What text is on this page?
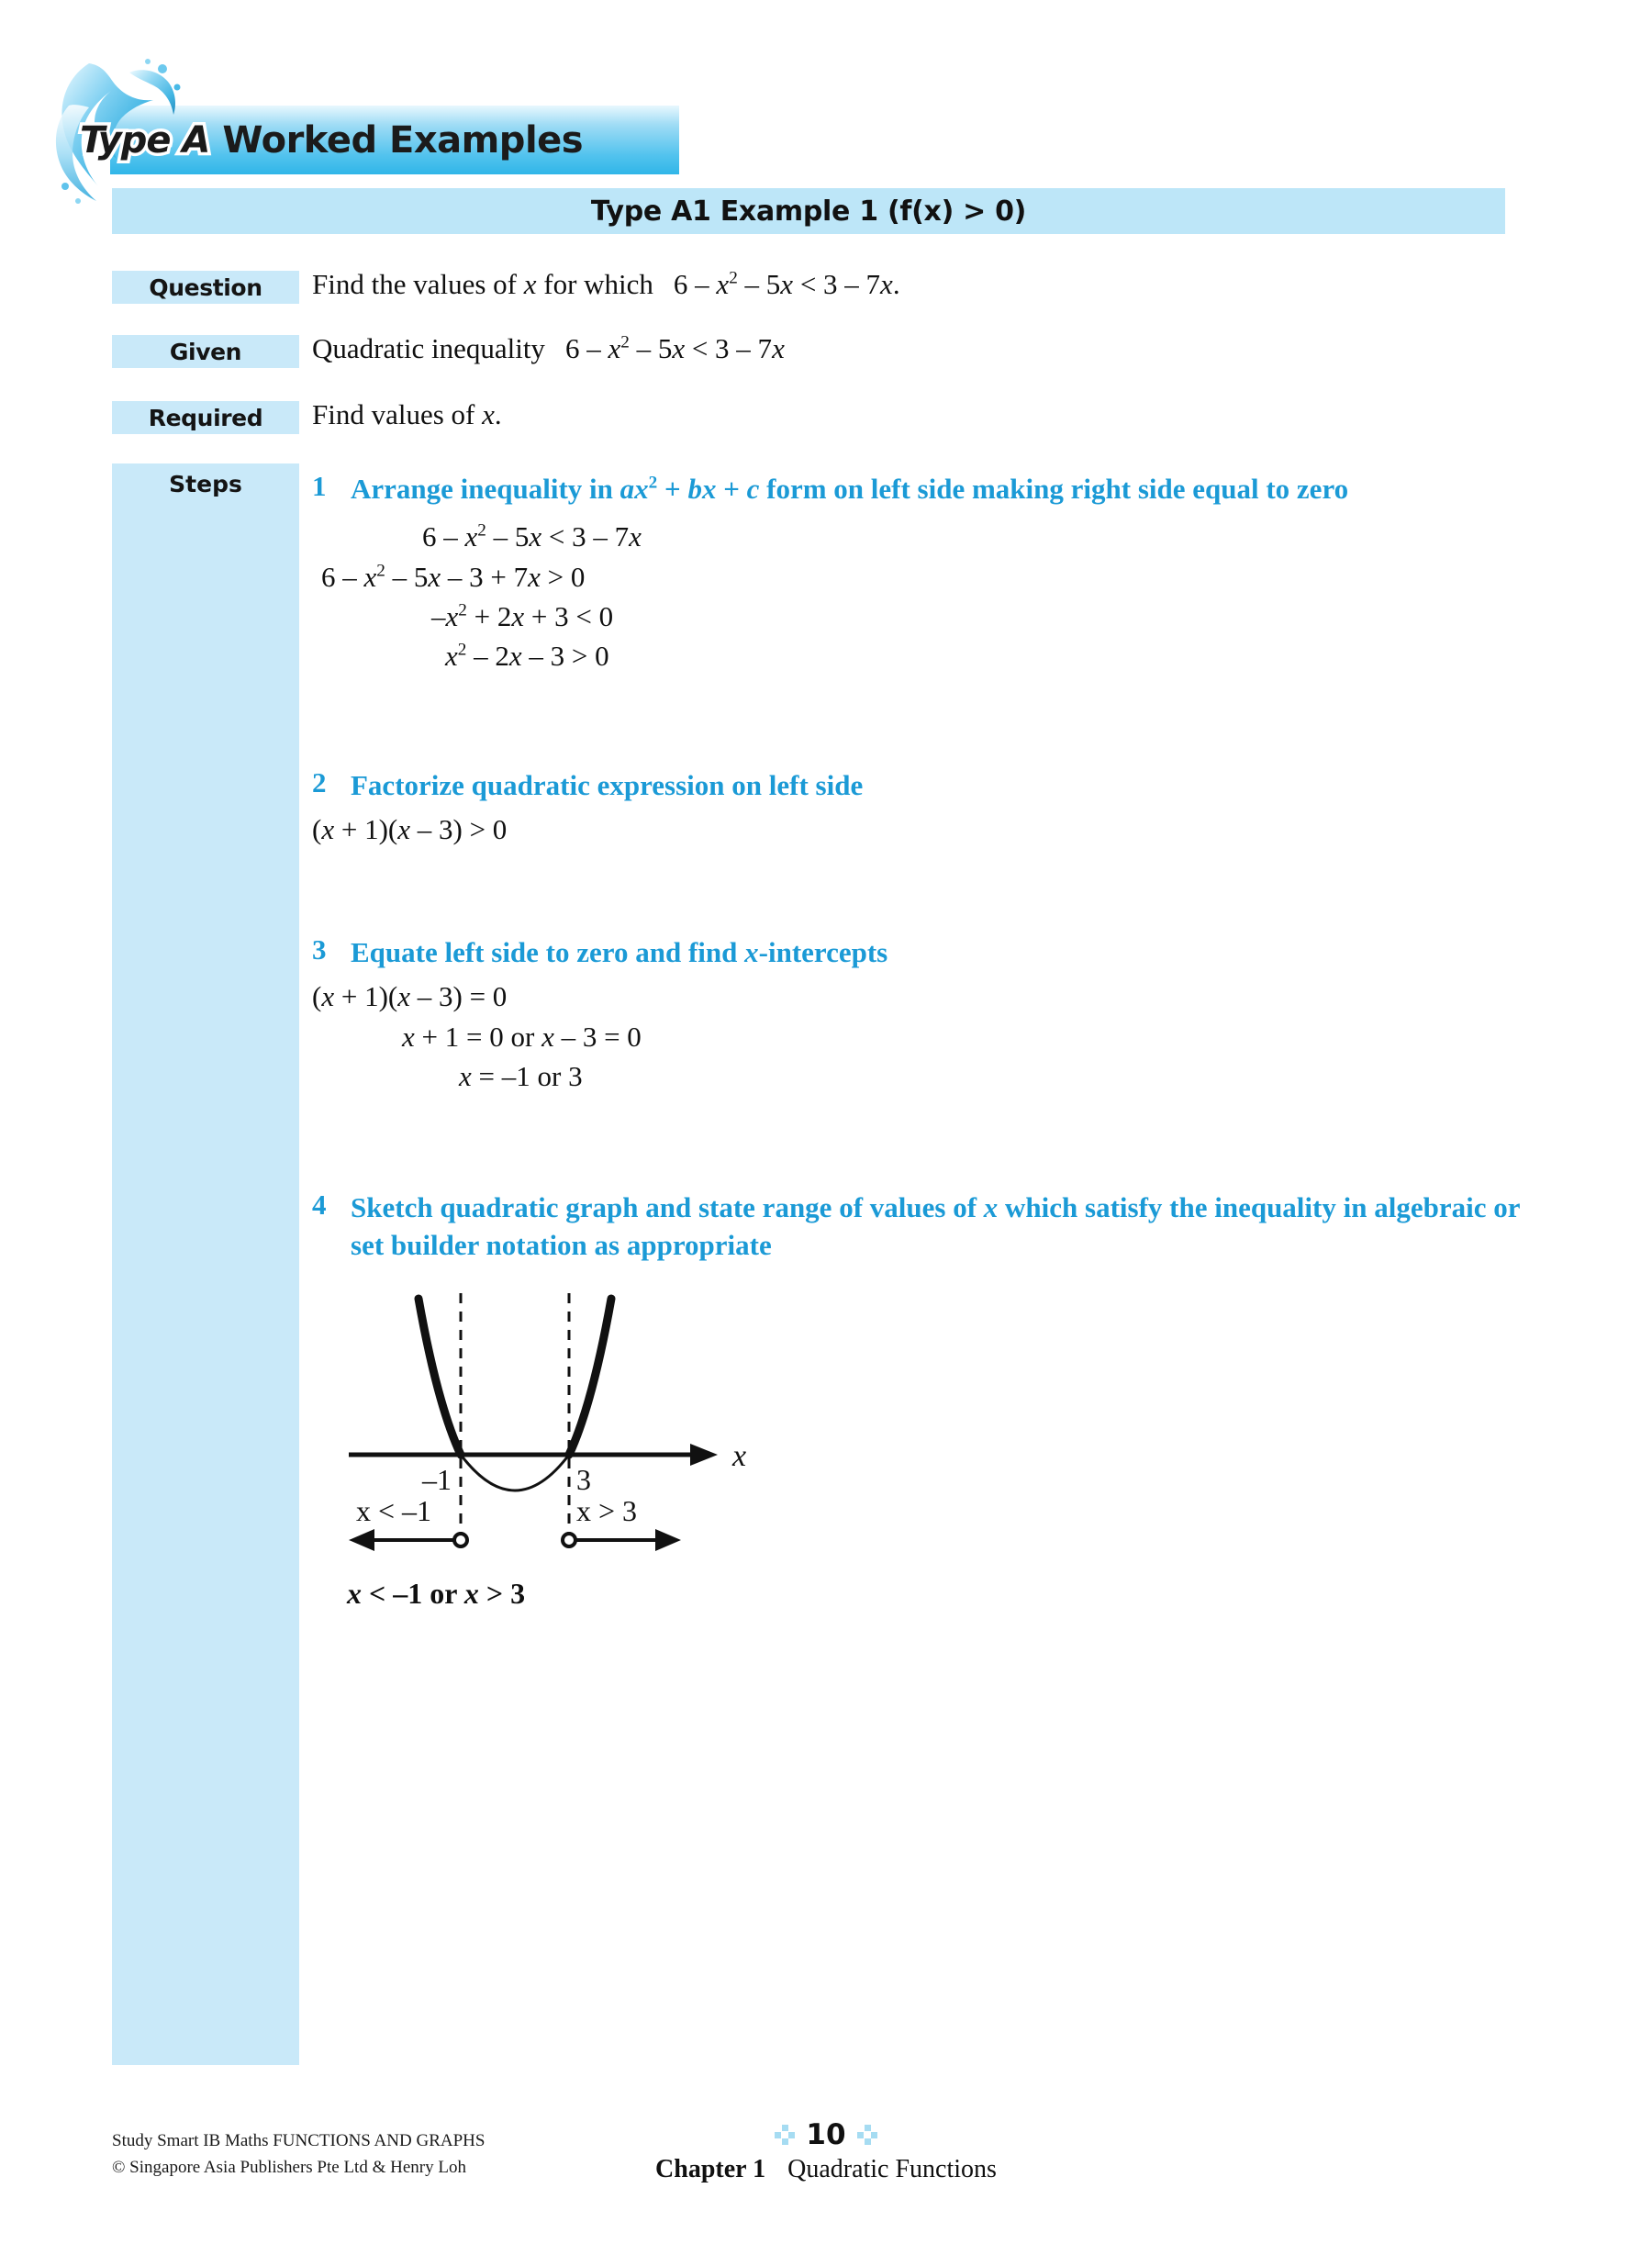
Type A Worked Examples
Type A1 Example 1 (f(x) > 0)
Question
Given
Required
Steps
Find the values of x for which $6 - x^2 - 5x < 3 - 7x$.
Quadratic inequality $6 - x^2 - 5x < 3 - 7x$
Find values of x.
1 Arrange inequality in $ax^2$ + bx + c form on left side making right side equal to zero
$6 - x^2 - 5x < 3 - 7x$
$6 - x^2 - 5x - 3 + 7x > 0$
$-x^2 + 2x + 3 < 0$
$x^2 - 2x - 3 > 0$
2 Factorize quadratic expression on left side
(x + 1)(x – 3) > 0
3 Equate left side to zero and find x-intercepts
(x + 1)(x – 3) = 0
x + 1 = 0 or x – 3 = 0
x = –1 or 3
4 Sketch quadratic graph and state range of values of x which satisfy the inequality in algebraic or set builder notation as appropriate
x
–1	3
x < –1	x > 3
x < –1 or x > 3
Study Smart IB Maths FUNCTIONS AND GRAPHS
© Singapore Asia Publishers Pte Ltd & Henry Loh
10
Chapter 1 Quadratic Functions
